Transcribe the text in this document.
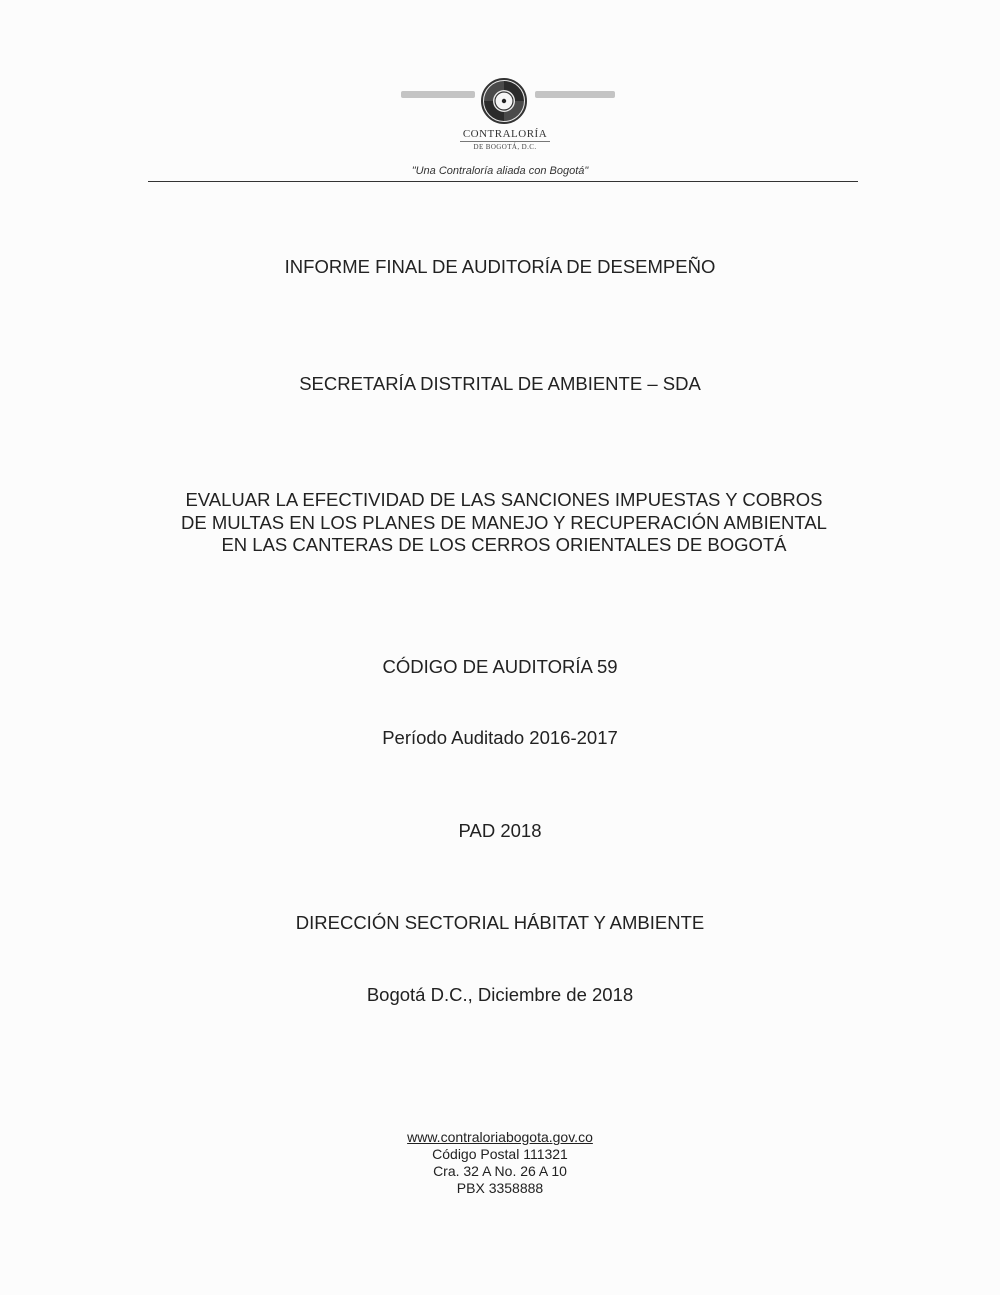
CONTRALORÍA
DE BOGOTÁ, D.C.
"Una Contraloría aliada con Bogotá"
INFORME FINAL DE AUDITORÍA DE DESEMPEÑO
SECRETARÍA DISTRITAL DE AMBIENTE – SDA
EVALUAR LA EFECTIVIDAD DE LAS SANCIONES IMPUESTAS Y COBROS
DE MULTAS EN LOS PLANES DE MANEJO Y RECUPERACIÓN AMBIENTAL
EN LAS CANTERAS DE LOS CERROS ORIENTALES DE BOGOTÁ
CÓDIGO DE AUDITORÍA 59
Período Auditado 2016-2017
PAD 2018
DIRECCIÓN SECTORIAL HÁBITAT Y AMBIENTE
Bogotá D.C., Diciembre de 2018
www.contraloriabogota.gov.co
Código Postal 111321
Cra. 32 A No. 26 A 10
PBX 3358888
